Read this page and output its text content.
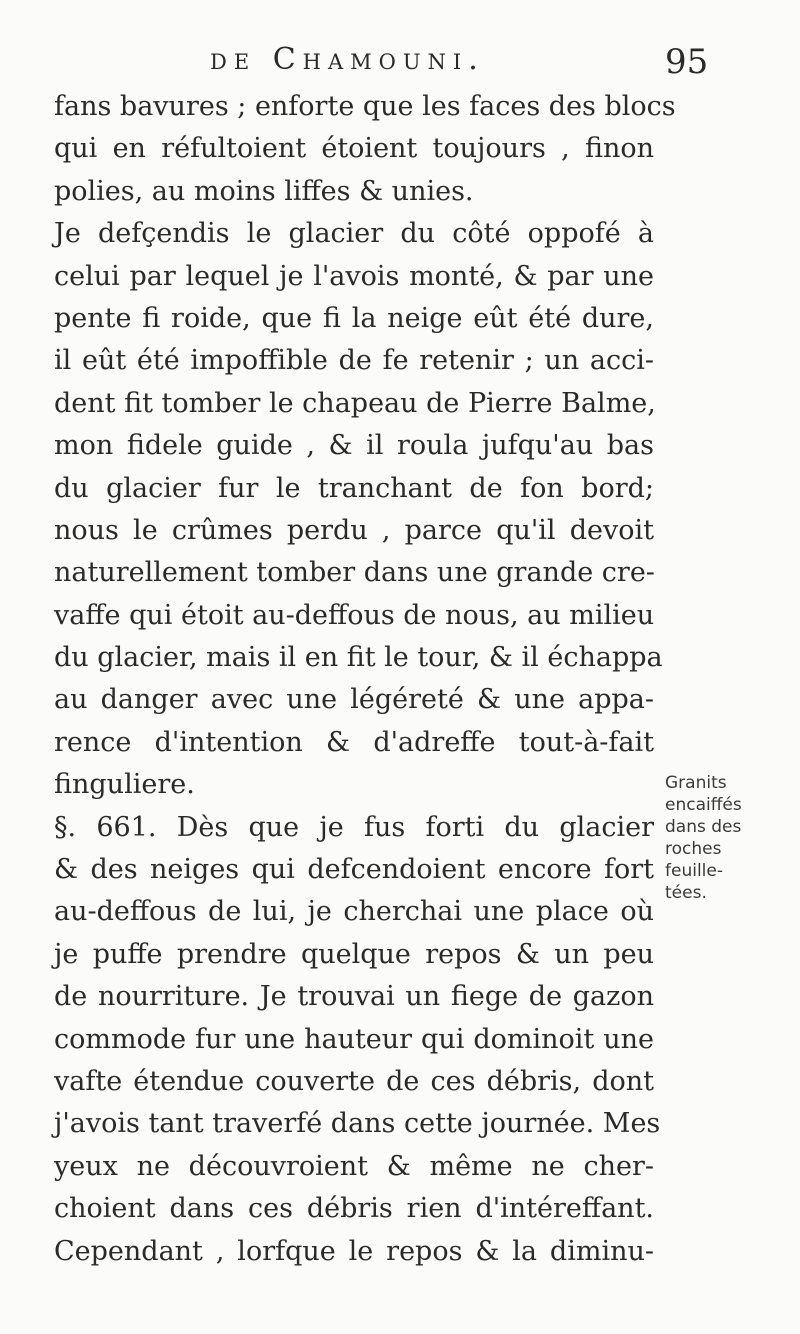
de Chamouni.	95
fans bavures ; enforte que les faces des blocs
qui en réfultoient étoient toujours , finon
polies, au moins liffes & unies.
Je defçendis le glacier du côté oppofé à
celui par lequel je l'avois monté, & par une
pente fi roide, que fi la neige eût été dure,
il eût été impoffible de fe retenir ; un acci-
dent fit tomber le chapeau de Pierre Balme,
mon fidele guide , & il roula jufqu'au bas
du glacier fur le tranchant de fon bord;
nous le crûmes perdu , parce qu'il devoit
naturellement tomber dans une grande cre-
vaffe qui étoit au-deffous de nous, au milieu
du glacier, mais il en fit le tour, & il échappa
au danger avec une légéreté & une appa-
rence d'intention & d'adreffe tout-à-fait
finguliere.
§. 661. Dès que je fus forti du glacier
& des neiges qui defcendoient encore fort
au-deffous de lui, je cherchai une place où
je puffe prendre quelque repos & un peu
de nourriture. Je trouvai un fiege de gazon
commode fur une hauteur qui dominoit une
vafte étendue couverte de ces débris, dont
j'avois tant traverfé dans cette journée. Mes
yeux ne découvroient & même ne cher-
choient dans ces débris rien d'intéreffant.
Cependant , lorfque le repos & la diminu-
Granits
encaiffés
dans des
roches
feuille-
tées.
